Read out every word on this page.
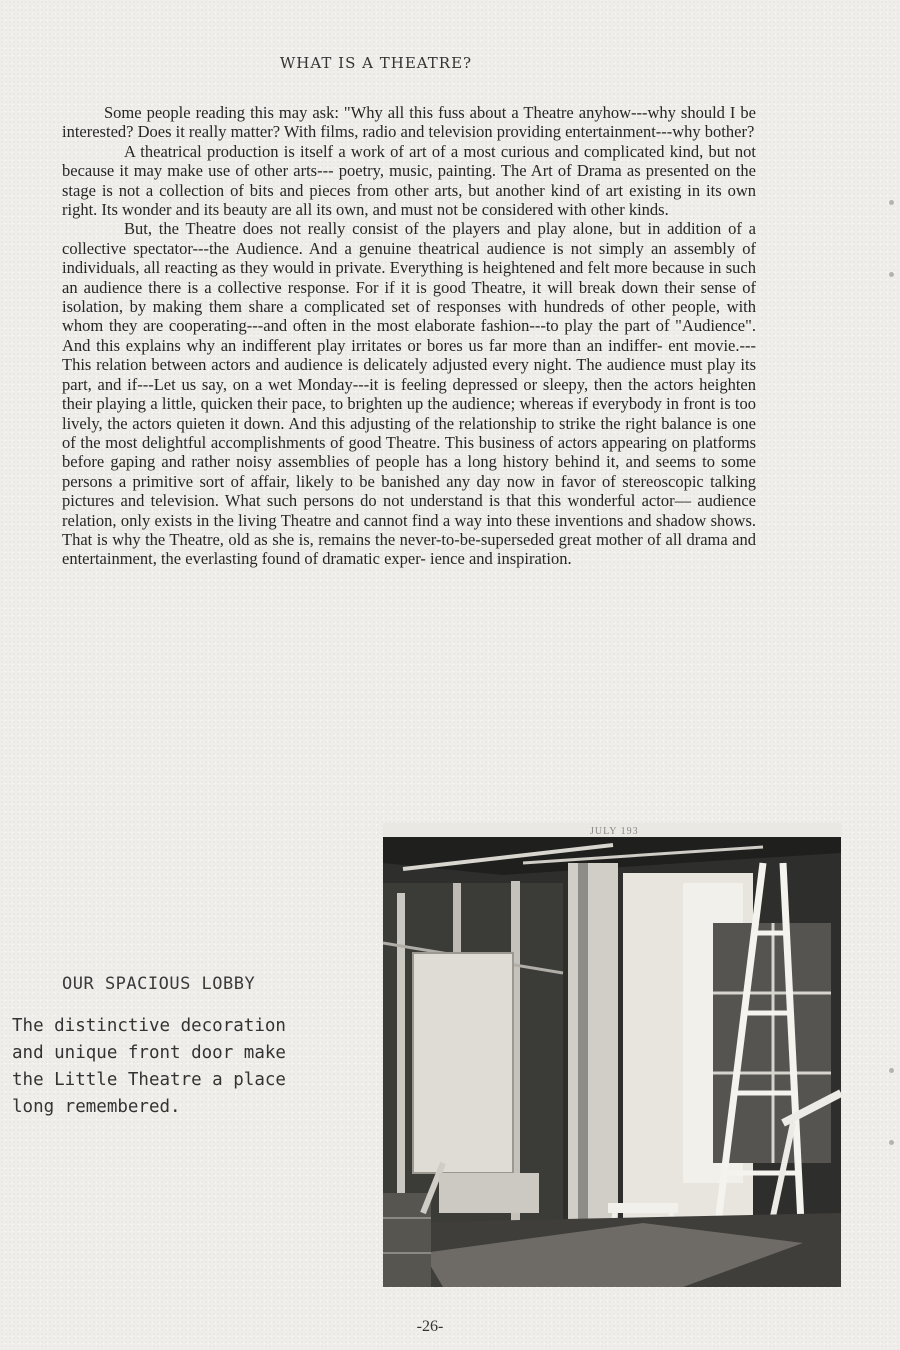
WHAT IS A THEATRE?

Some people reading this may ask: "Why all this fuss about a Theatre anyhow---why should I be interested? Does it really matter? With films, radio and television providing entertainment---why bother?

A theatrical production is itself a work of art of a most curious and complicated kind, but not because it may make use of other arts--- poetry, music, painting. The Art of Drama as presented on the stage is not a collection of bits and pieces from other arts, but another kind of art existing in its own right. Its wonder and its beauty are all its own, and must not be considered with other kinds.

But, the Theatre does not really consist of the players and play alone, but in addition of a collective spectator---the Audience. And a genuine theatrical audience is not simply an assembly of individuals, all reacting as they would in private. Everything is heightened and felt more because in such an audience there is a collective response. For if it is good Theatre, it will break down their sense of isolation, by making them share a complicated set of responses with hundreds of other people, with whom they are cooperating---and often in the most elaborate fashion---to play the part of "Audience". And this explains why an indifferent play irritates or bores us far more than an indiffer- ent movie.---This relation between actors and audience is delicately adjusted every night. The audience must play its part, and if---Let us say, on a wet Monday---it is feeling depressed or sleepy, then the actors heighten their playing a little, quicken their pace, to brighten up the audience; whereas if everybody in front is too lively, the actors quieten it down. And this adjusting of the relationship to strike the right balance is one of the most delightful accomplishments of good Theatre. This business of actors appearing on platforms before gaping and rather noisy assemblies of people has a long history behind it, and seems to some persons a primitive sort of affair, likely to be banished any day now in favor of stereoscopic talking pictures and television. What such persons do not understand is that this wonderful actor— audience relation, only exists in the living Theatre and cannot find a way into these inventions and shadow shows. That is why the Theatre, old as she is, remains the never-to-be-superseded great mother of all drama and entertainment, the everlasting found of dramatic exper- ience and inspiration.

JULY 193
OUR SPACIOUS LOBBY
The distinctive decoration
and unique front door make
the Little Theatre a place
long remembered.
-26-
